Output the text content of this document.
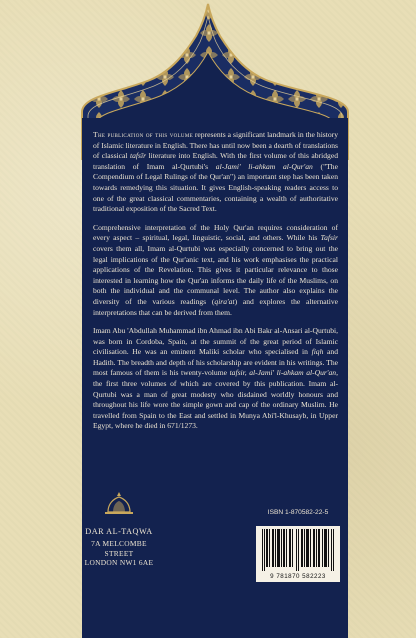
The publication of this volume represents a significant landmark in the history of Islamic literature in English. There has until now been a dearth of translations of classical tafsīr literature into English. With the first volume of this abridged translation of Imam al-Qurtubi's al-Jami' li-ahkam al-Qur'an ("The Compendium of Legal Rulings of the Qur'an") an important step has been taken towards remedying this situation. It gives English-speaking readers access to one of the great classical commentaries, containing a wealth of authoritative traditional exposition of the Sacred Text.

Comprehensive interpretation of the Holy Qur'an requires consideration of every aspect – spiritual, legal, linguistic, social, and others. While his Tafsir covers them all, Imam al-Qurtubi was especially concerned to bring out the legal implications of the Qur'anic text, and his work emphasises the practical applications of the Revelation. This gives it particular relevance to those interested in learning how the Qur'an informs the daily life of the Muslims, on both the individual and the communal level. The author also explains the diversity of the various readings (qira'at) and explores the alternative interpretations that can be derived from them.

Imam Abu 'Abdullah Muhammad ibn Ahmad ibn Abi Bakr al-Ansari al-Qurtubi, was born in Cordoba, Spain, at the summit of the great period of Islamic civilisation. He was an eminent Maliki scholar who specialised in fiqh and Hadith. The breadth and depth of his scholarship are evident in his writings. The most famous of them is his twenty-volume tafsir, al-Jami' li-ahkam al-Qur'an, the first three volumes of which are covered by this publication. Imam al-Qurtubi was a man of great modesty who disdained worldly honours and throughout his life wore the simple gown and cap of the ordinary Muslim. He travelled from Spain to the East and settled in Munya Abi'l-Khusayb, in Upper Egypt, where he died in 671/1273.

DAR AL-TAQWA
7A MELCOMBE STREET
LONDON NW1 6AE
ISBN 1-870582-22-5
9 781870 582223
